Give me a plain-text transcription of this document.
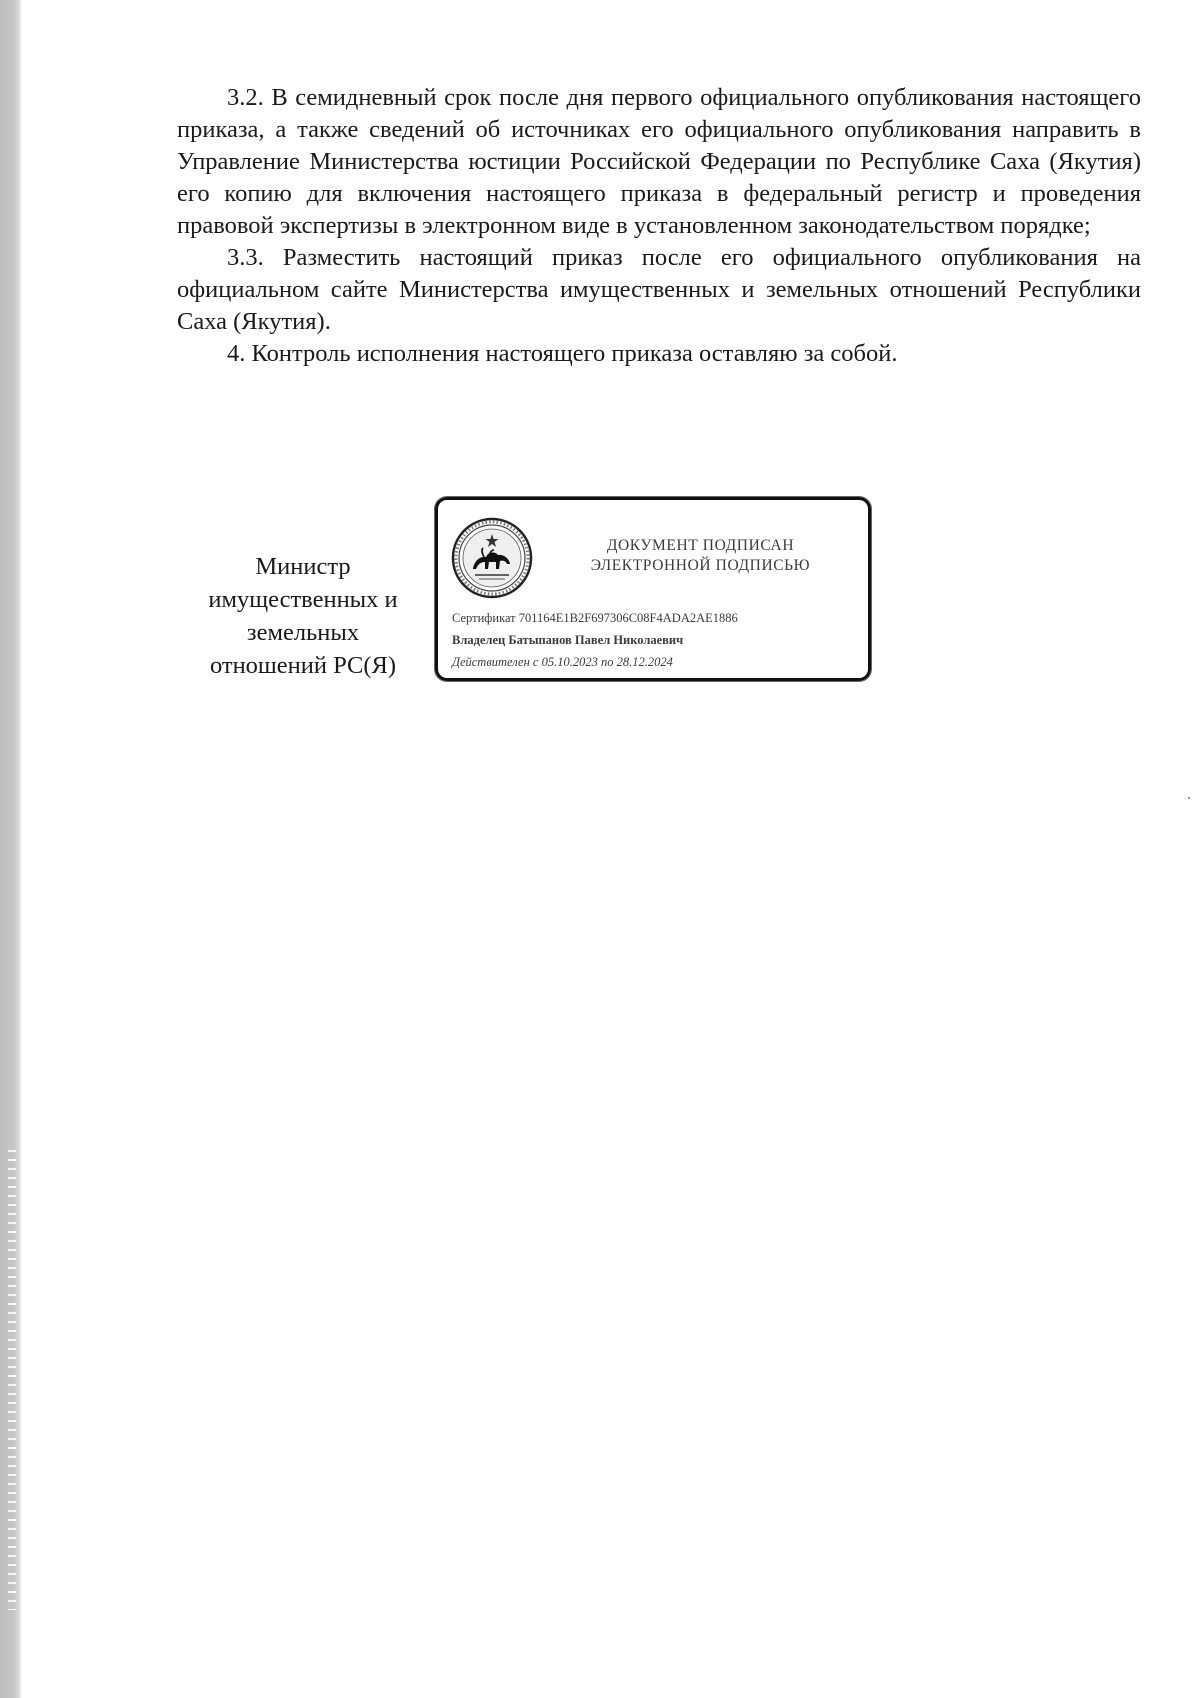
3.2. В семидневный срок после дня первого официального опубликования настоящего приказа, а также сведений об источниках его официального опубликования направить в Управление Министерства юстиции Российской Федерации по Республике Саха (Якутия) его копию для включения настоящего приказа в федеральный регистр и проведения правовой экспертизы в электронном виде в установленном законодательством порядке;

3.3. Разместить настоящий приказ после его официального опубликования на официальном сайте Министерства имущественных и земельных отношений Республики Саха (Якутия).

4. Контроль исполнения настоящего приказа оставляю за собой.

Министр
имущественных и
земельных
отношений РС(Я)
ДОКУМЕНТ ПОДПИСАН
ЭЛЕКТРОННОЙ ПОДПИСЬЮ
Сертификат 701164E1B2F697306C08F4ADA2AE1886
Владелец Батыпанов Павел Николаевич
Действителен с 05.10.2023 по 28.12.2024
